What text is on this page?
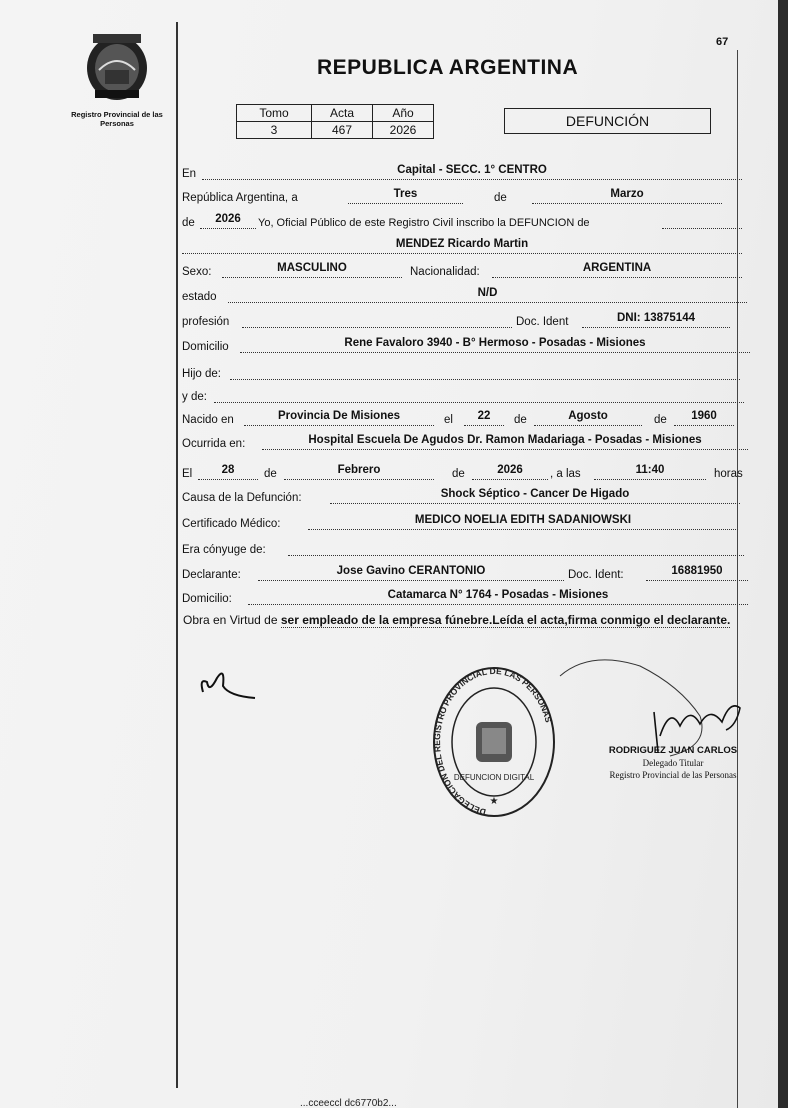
67
Registro Provincial de las Personas
REPUBLICA ARGENTINA
Tomo	Acta	Año
3	467	2026
DEFUNCIÓN
En	Capital - SECC. 1° CENTRO
República Argentina, a	Tres	de	Marzo
de	2026	Yo, Oficial Público de este Registro Civil inscribo la DEFUNCION de
MENDEZ Ricardo Martin
Sexo:	MASCULINO	Nacionalidad:	ARGENTINA
estado	N/D
profesión	Doc. Ident	DNI: 13875144
Domicilio	Rene Favaloro 3940 - B° Hermoso - Posadas - Misiones
Hijo de:
y de:
Nacido en	Provincia De Misiones	el	22	de	Agosto	de	1960
Ocurrida en:	Hospital Escuela De Agudos Dr. Ramon Madariaga - Posadas - Misiones
El	28	de	Febrero	de	2026	, a las	11:40	horas
Causa de la Defunción:	Shock Séptico - Cancer De Higado
Certificado Médico:	MEDICO NOELIA EDITH SADANIOWSKI
Era cónyuge de:
Declarante:	Jose Gavino CERANTONIO	Doc. Ident:	16881950
Domicilio:	Catamarca N° 1764 - Posadas - Misiones
Obra en Virtud de ser empleado de la empresa fúnebre.Leída el acta,firma conmigo el declarante.
DELEGACION DEL REGISTRO PROVINCIAL DE LAS PERSONAS
DEFUNCION DIGITAL
★
RODRIGUEZ JUAN CARLOS
Delegado Titular
Registro Provincial de las Personas
...cceeccl dc6770b2...
